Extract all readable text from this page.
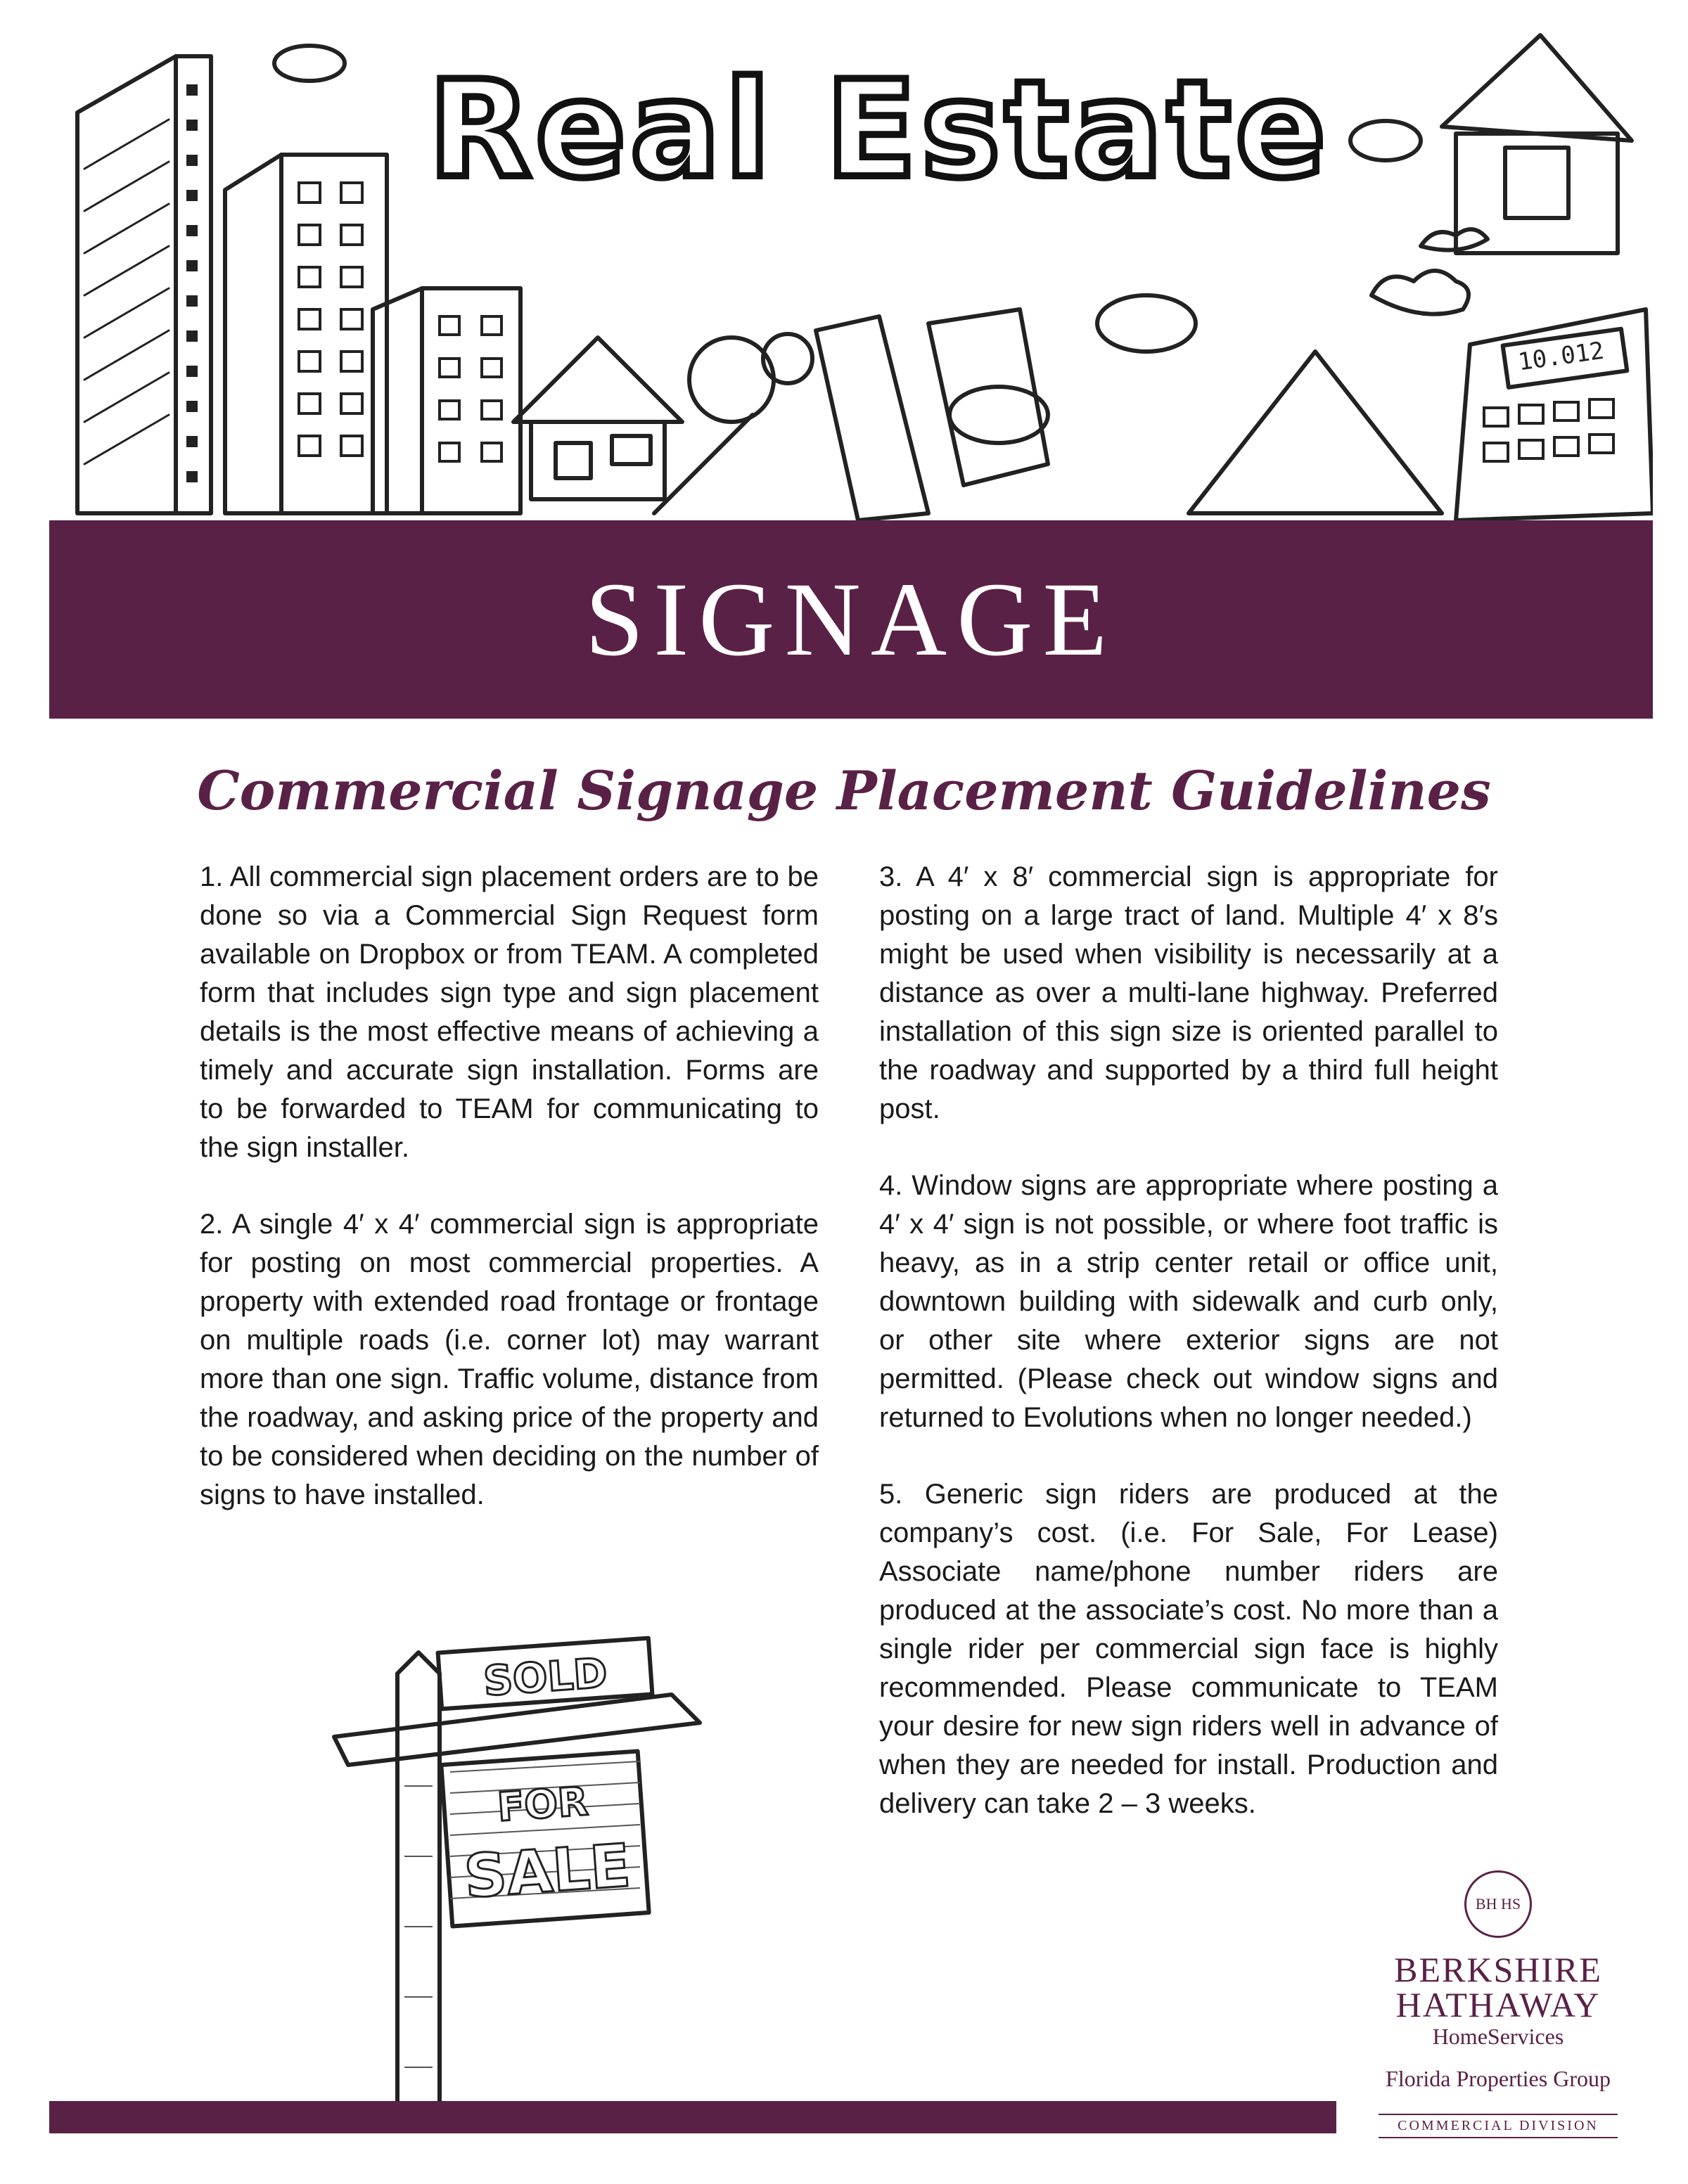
Real Estate
10.012
SIGNAGE
Commercial Signage Placement Guidelines

1. All commercial sign placement orders are to be done so via a Commercial Sign Request form available on Dropbox or from TEAM. A completed form that includes sign type and sign placement details is the most effective means of achieving a timely and accurate sign installation. Forms are to be forwarded to TEAM for communicating to the sign installer.

2. A single 4′ x 4′ commercial sign is appropriate for posting on most commercial properties. A property with extended road frontage or frontage on multiple roads (i.e. corner lot) may warrant more than one sign. Traffic volume, distance from the roadway, and asking price of the property and to be considered when deciding on the number of signs to have installed.

3. A 4′ x 8′ commercial sign is appropriate for posting on a large tract of land. Multiple 4′ x 8′s might be used when visibility is necessarily at a distance as over a multi-lane highway. Preferred installation of this sign size is oriented parallel to the roadway and supported by a third full height post.

4. Window signs are appropriate where posting a 4′ x 4′ sign is not possible, or where foot traffic is heavy, as in a strip center retail or office unit, downtown building with sidewalk and curb only, or other site where exterior signs are not permitted. (Please check out window signs and returned to Evolutions when no longer needed.)

5. Generic sign riders are produced at the company’s cost. (i.e. For Sale, For Lease) Associate name/phone number riders are produced at the associate’s cost. No more than a single rider per commercial sign face is highly recommended. Please communicate to TEAM your desire for new sign riders well in advance of when they are needed for install. Production and delivery can take 2 – 3 weeks.

SOLD
FOR
SALE	BH HS
BERKSHIRE
HATHAWAY
HomeServices
Florida Properties Group
COMMERCIAL DIVISION
